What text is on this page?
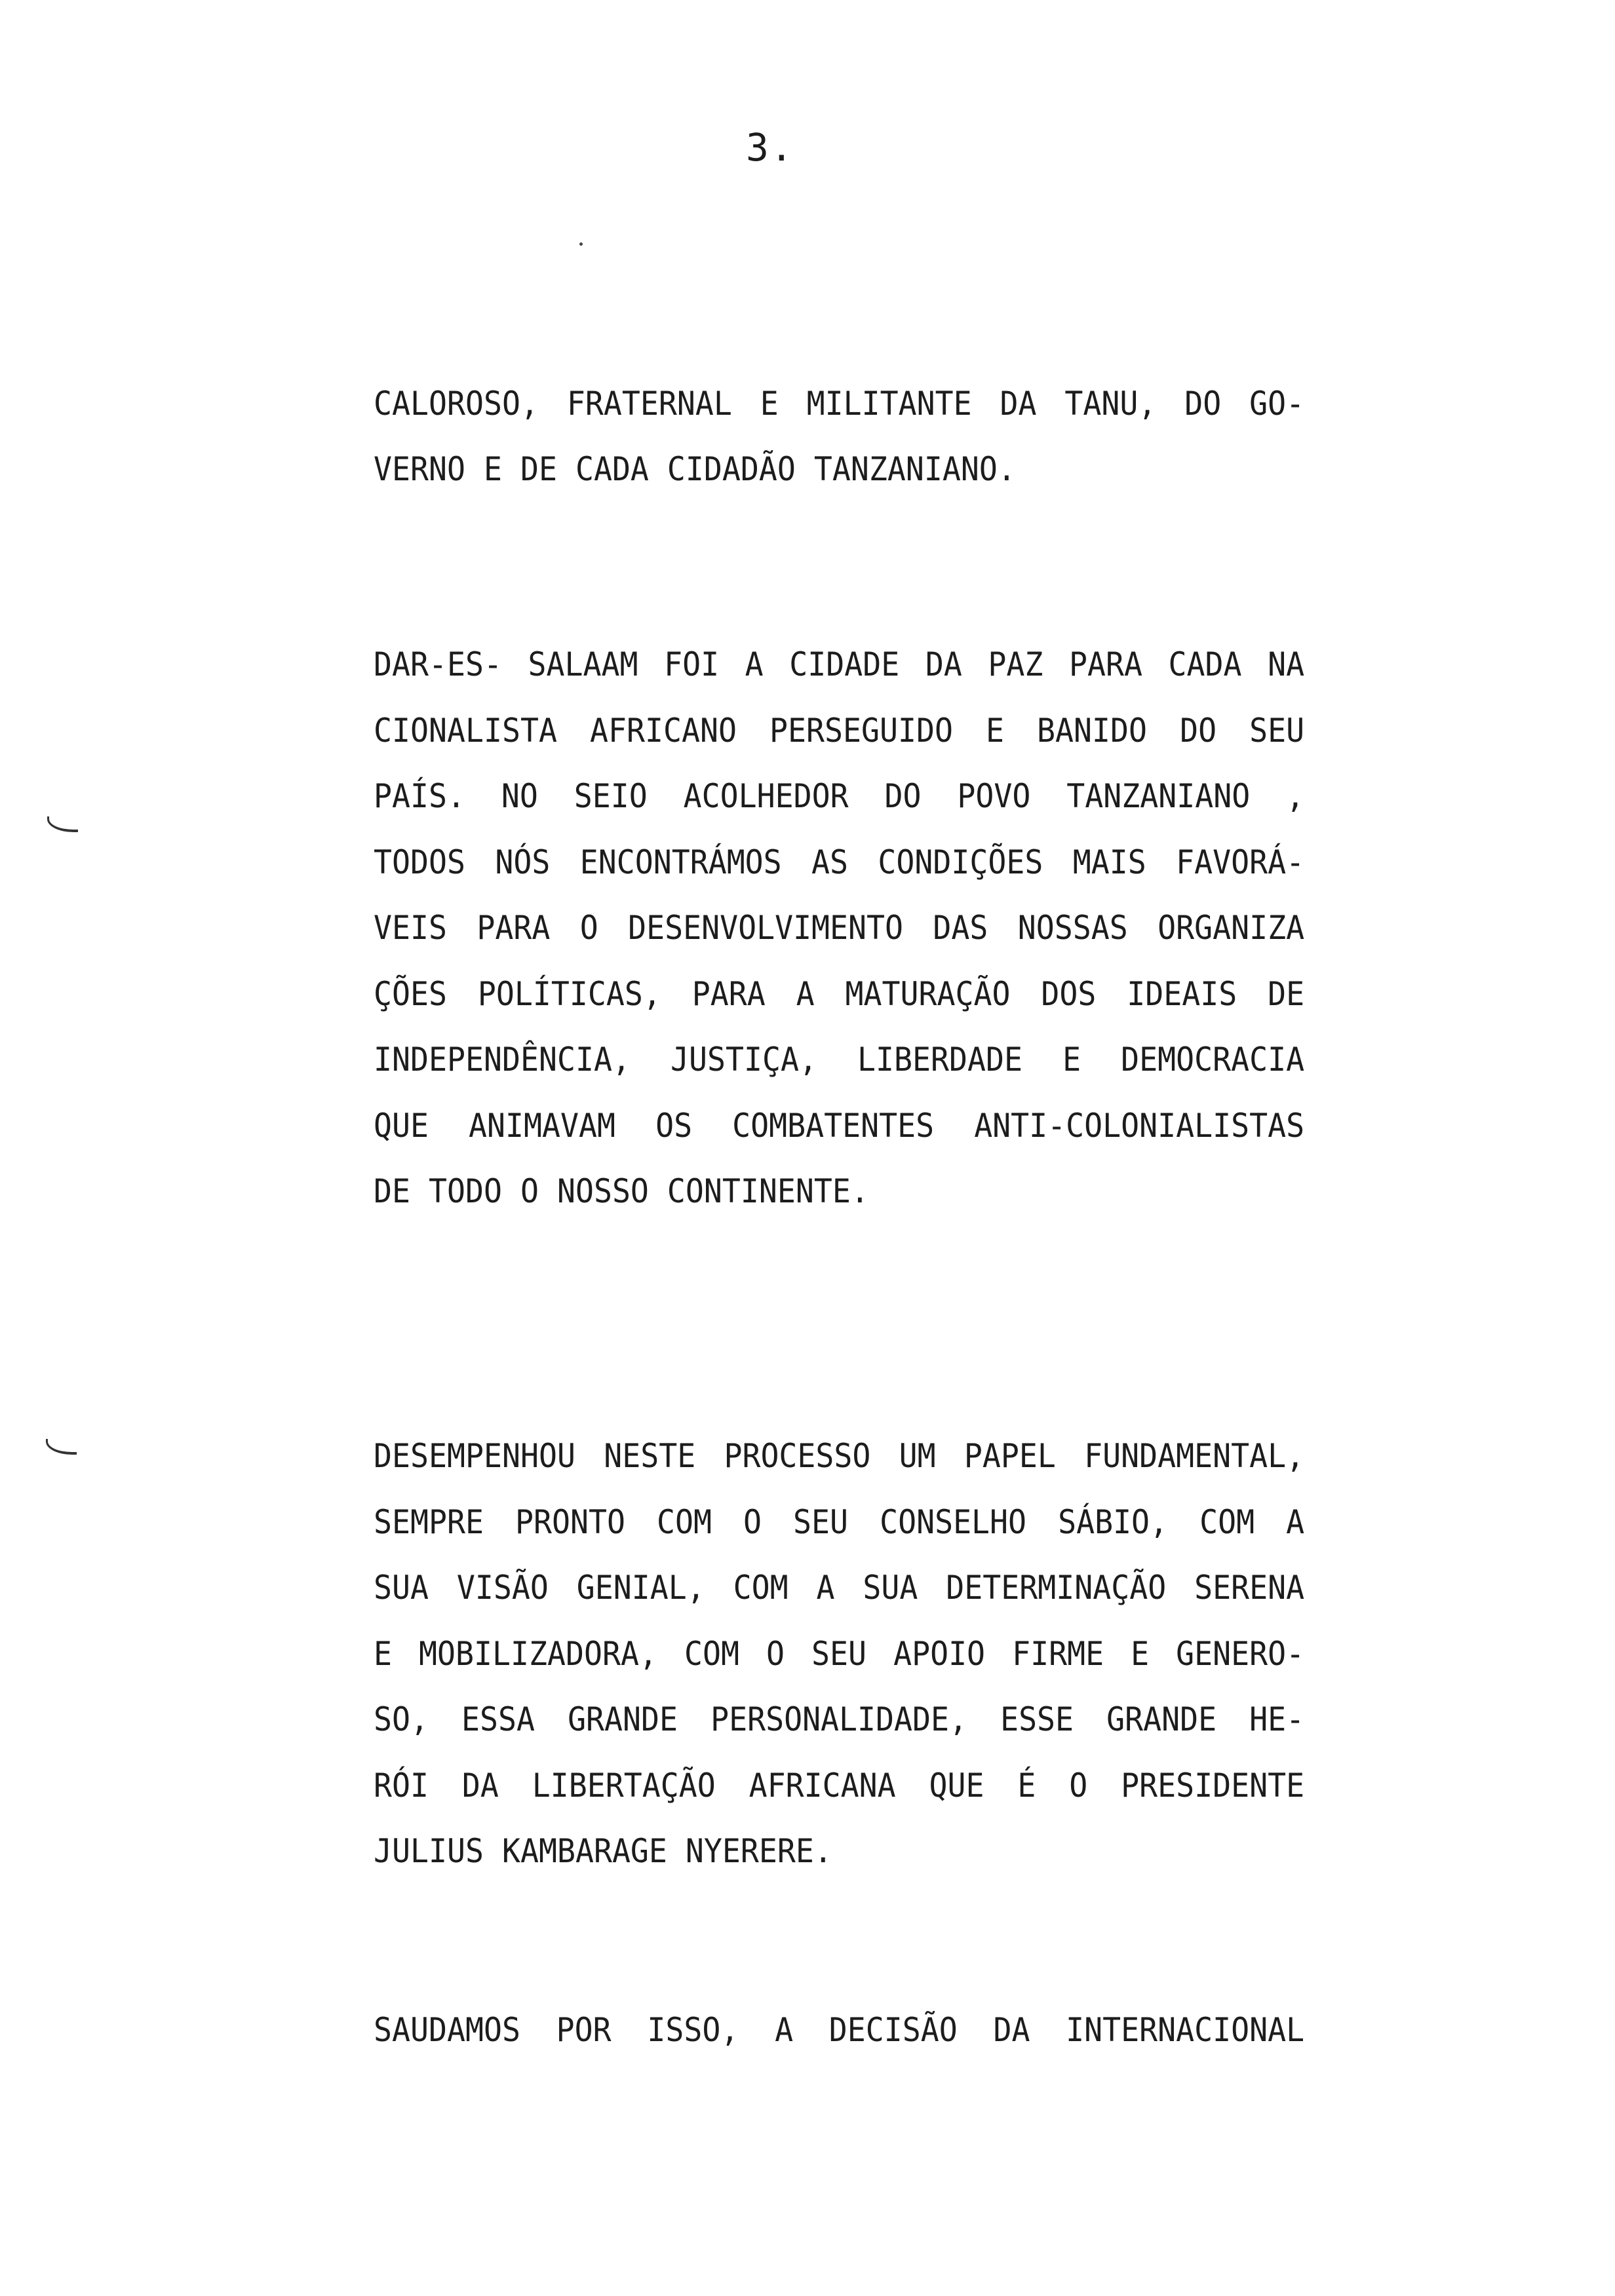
3.
CALOROSO, FRATERNAL E MILITANTE DA TANU, DO GO-
VERNO E DE CADA CIDADÃO TANZANIANO.
DAR-ES- SALAAM FOI A CIDADE DA PAZ PARA CADA NA
CIONALISTA AFRICANO PERSEGUIDO E BANIDO DO SEU
PAÍS. NO SEIO ACOLHEDOR DO POVO TANZANIANO ,
TODOS NÓS ENCONTRÁMOS AS CONDIÇÕES MAIS FAVORÁ-
VEIS PARA O DESENVOLVIMENTO DAS NOSSAS ORGANIZA
ÇÕES POLÍTICAS, PARA A MATURAÇÃO DOS IDEAIS DE
INDEPENDÊNCIA, JUSTIÇA, LIBERDADE E DEMOCRACIA
QUE ANIMAVAM OS COMBATENTES ANTI-COLONIALISTAS
DE TODO O NOSSO CONTINENTE.
DESEMPENHOU NESTE PROCESSO UM PAPEL FUNDAMENTAL,
SEMPRE PRONTO COM O SEU CONSELHO SÁBIO, COM A
SUA VISÃO GENIAL, COM A SUA DETERMINAÇÃO SERENA
E MOBILIZADORA, COM O SEU APOIO FIRME E GENERO-
SO, ESSA GRANDE PERSONALIDADE, ESSE GRANDE HE-
RÓI DA LIBERTAÇÃO AFRICANA QUE É O PRESIDENTE
JULIUS KAMBARAGE NYERERE.
SAUDAMOS POR ISSO, A DECISÃO DA INTERNACIONAL
